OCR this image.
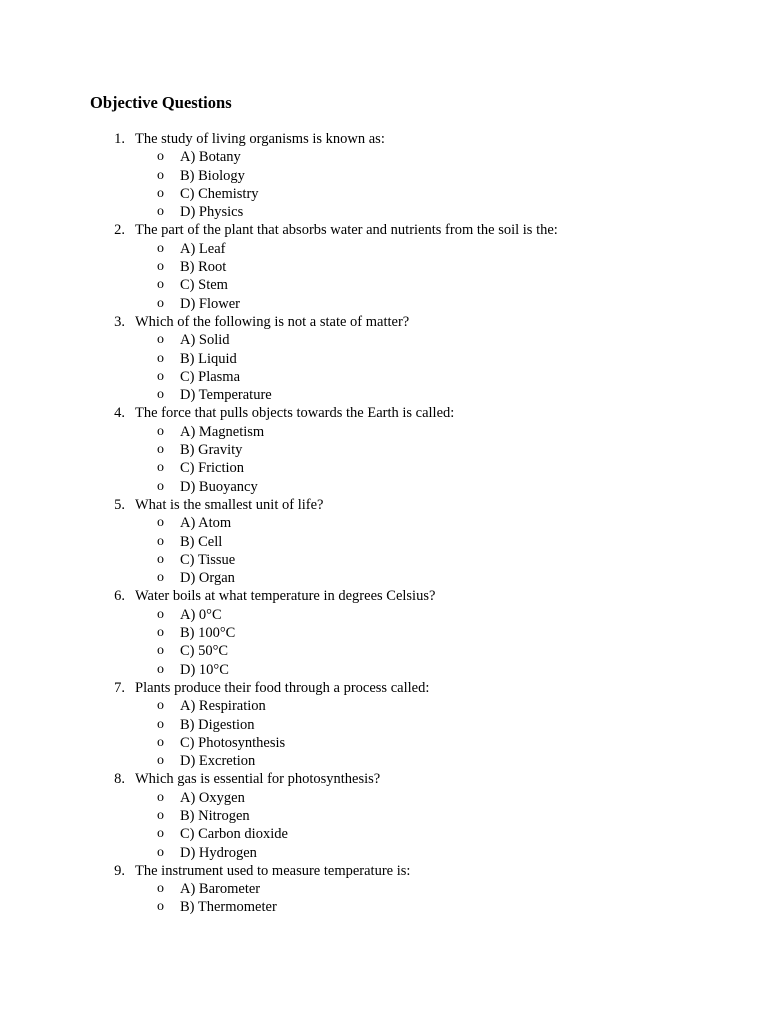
Objective Questions
1. The study of living organisms is known as:
o	A) Botany
o	B) Biology
o	C) Chemistry
o	D) Physics
2. The part of the plant that absorbs water and nutrients from the soil is the:
o	A) Leaf
o	B) Root
o	C) Stem
o	D) Flower
3. Which of the following is not a state of matter?
o	A) Solid
o	B) Liquid
o	C) Plasma
o	D) Temperature
4. The force that pulls objects towards the Earth is called:
o	A) Magnetism
o	B) Gravity
o	C) Friction
o	D) Buoyancy
5. What is the smallest unit of life?
o	A) Atom
o	B) Cell
o	C) Tissue
o	D) Organ
6. Water boils at what temperature in degrees Celsius?
o	A) 0°C
o	B) 100°C
o	C) 50°C
o	D) 10°C
7. Plants produce their food through a process called:
o	A) Respiration
o	B) Digestion
o	C) Photosynthesis
o	D) Excretion
8. Which gas is essential for photosynthesis?
o	A) Oxygen
o	B) Nitrogen
o	C) Carbon dioxide
o	D) Hydrogen
9. The instrument used to measure temperature is:
o	A) Barometer
o	B) Thermometer
